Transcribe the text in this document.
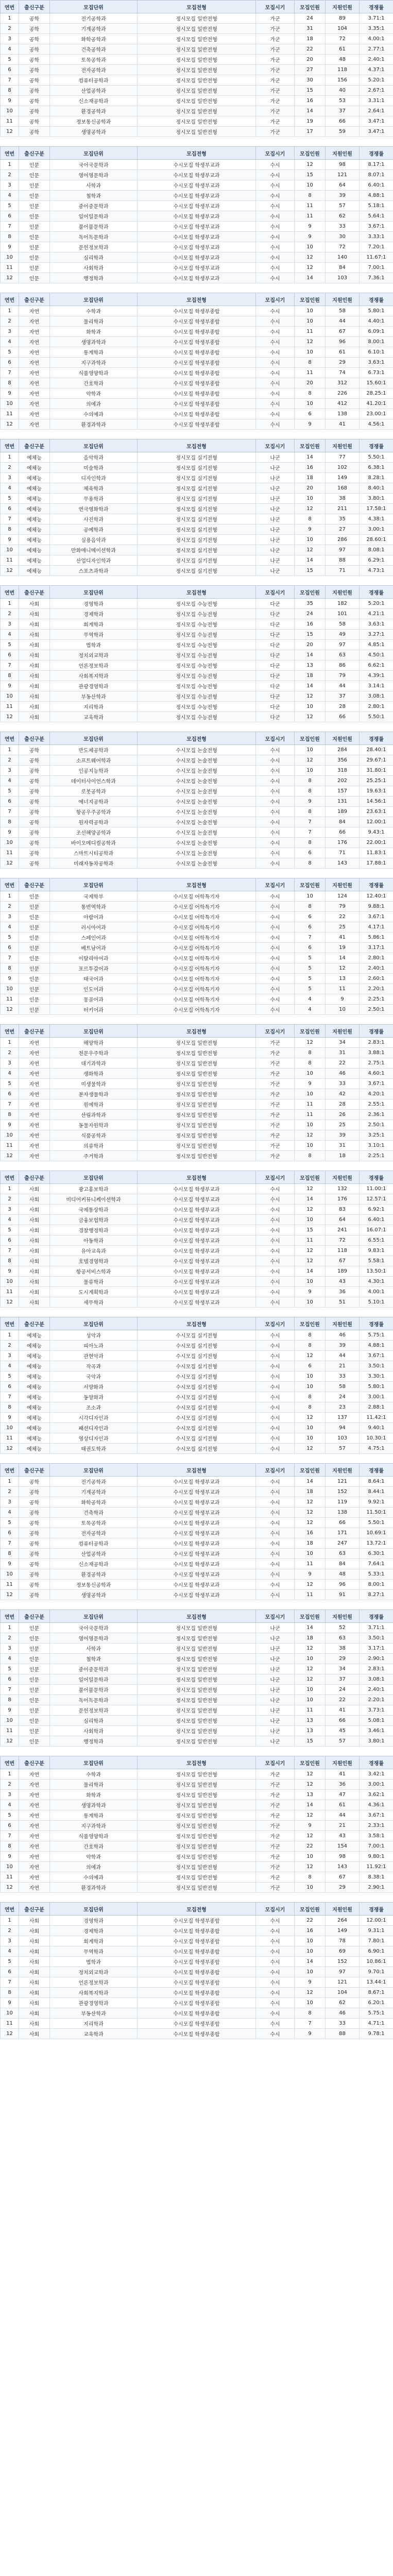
연번	출신구분	모집단위	모집전형	모집시기	모집인원	지원인원	경쟁률
1	공학	전기공학과	정시모집 일반전형	가군	24	89	3.71:1
2	공학	기계공학과	정시모집 일반전형	가군	31	104	3.35:1
3	공학	화학공학과	정시모집 일반전형	가군	18	72	4.00:1
4	공학	건축공학과	정시모집 일반전형	가군	22	61	2.77:1
5	공학	토목공학과	정시모집 일반전형	가군	20	48	2.40:1
6	공학	전자공학과	정시모집 일반전형	가군	27	118	4.37:1
7	공학	컴퓨터공학과	정시모집 일반전형	가군	30	156	5.20:1
8	공학	산업공학과	정시모집 일반전형	가군	15	40	2.67:1
9	공학	신소재공학과	정시모집 일반전형	가군	16	53	3.31:1
10	공학	환경공학과	정시모집 일반전형	가군	14	37	2.64:1
11	공학	정보통신공학과	정시모집 일반전형	가군	19	66	3.47:1
12	공학	생명공학과	정시모집 일반전형	가군	17	59	3.47:1
연번	출신구분	모집단위	모집전형	모집시기	모집인원	지원인원	경쟁률
1	인문	국어국문학과	수시모집 학생부교과	수시	12	98	8.17:1
2	인문	영어영문학과	수시모집 학생부교과	수시	15	121	8.07:1
3	인문	사학과	수시모집 학생부교과	수시	10	64	6.40:1
4	인문	철학과	수시모집 학생부교과	수시	8	39	4.88:1
5	인문	중어중문학과	수시모집 학생부교과	수시	11	57	5.18:1
6	인문	일어일문학과	수시모집 학생부교과	수시	11	62	5.64:1
7	인문	불어불문학과	수시모집 학생부교과	수시	9	33	3.67:1
8	인문	독어독문학과	수시모집 학생부교과	수시	9	30	3.33:1
9	인문	문헌정보학과	수시모집 학생부교과	수시	10	72	7.20:1
10	인문	심리학과	수시모집 학생부교과	수시	12	140	11.67:1
11	인문	사회학과	수시모집 학생부교과	수시	12	84	7.00:1
12	인문	행정학과	수시모집 학생부교과	수시	14	103	7.36:1
연번	출신구분	모집단위	모집전형	모집시기	모집인원	지원인원	경쟁률
1	자연	수학과	수시모집 학생부종합	수시	10	58	5.80:1
2	자연	물리학과	수시모집 학생부종합	수시	10	44	4.40:1
3	자연	화학과	수시모집 학생부종합	수시	11	67	6.09:1
4	자연	생명과학과	수시모집 학생부종합	수시	12	96	8.00:1
5	자연	통계학과	수시모집 학생부종합	수시	10	61	6.10:1
6	자연	지구과학과	수시모집 학생부종합	수시	8	29	3.63:1
7	자연	식품영양학과	수시모집 학생부종합	수시	11	74	6.73:1
8	자연	간호학과	수시모집 학생부종합	수시	20	312	15.60:1
9	자연	약학과	수시모집 학생부종합	수시	8	226	28.25:1
10	자연	의예과	수시모집 학생부종합	수시	10	412	41.20:1
11	자연	수의예과	수시모집 학생부종합	수시	6	138	23.00:1
12	자연	환경과학과	수시모집 학생부종합	수시	9	41	4.56:1
연번	출신구분	모집단위	모집전형	모집시기	모집인원	지원인원	경쟁률
1	예체능	음악학과	정시모집 실기전형	나군	14	77	5.50:1
2	예체능	미술학과	정시모집 실기전형	나군	16	102	6.38:1
3	예체능	디자인학과	정시모집 실기전형	나군	18	149	8.28:1
4	예체능	체육학과	정시모집 실기전형	나군	20	168	8.40:1
5	예체능	무용학과	정시모집 실기전형	나군	10	38	3.80:1
6	예체능	연극영화학과	정시모집 실기전형	나군	12	211	17.58:1
7	예체능	사진학과	정시모집 실기전형	나군	8	35	4.38:1
8	예체능	공예학과	정시모집 실기전형	나군	9	27	3.00:1
9	예체능	실용음악과	정시모집 실기전형	나군	10	286	28.60:1
10	예체능	만화애니메이션학과	정시모집 실기전형	나군	12	97	8.08:1
11	예체능	산업디자인학과	정시모집 실기전형	나군	14	88	6.29:1
12	예체능	스포츠과학과	정시모집 실기전형	나군	15	71	4.73:1
연번	출신구분	모집단위	모집전형	모집시기	모집인원	지원인원	경쟁률
1	사회	경영학과	정시모집 수능전형	다군	35	182	5.20:1
2	사회	경제학과	정시모집 수능전형	다군	24	101	4.21:1
3	사회	회계학과	정시모집 수능전형	다군	16	58	3.63:1
4	사회	무역학과	정시모집 수능전형	다군	15	49	3.27:1
5	사회	법학과	정시모집 수능전형	다군	20	97	4.85:1
6	사회	정치외교학과	정시모집 수능전형	다군	14	63	4.50:1
7	사회	언론정보학과	정시모집 수능전형	다군	13	86	6.62:1
8	사회	사회복지학과	정시모집 수능전형	다군	18	79	4.39:1
9	사회	관광경영학과	정시모집 수능전형	다군	14	44	3.14:1
10	사회	부동산학과	정시모집 수능전형	다군	12	37	3.08:1
11	사회	지리학과	정시모집 수능전형	다군	10	28	2.80:1
12	사회	교육학과	정시모집 수능전형	다군	12	66	5.50:1
연번	출신구분	모집단위	모집전형	모집시기	모집인원	지원인원	경쟁률
1	공학	반도체공학과	수시모집 논술전형	수시	10	284	28.40:1
2	공학	소프트웨어학과	수시모집 논술전형	수시	12	356	29.67:1
3	공학	인공지능학과	수시모집 논술전형	수시	10	318	31.80:1
4	공학	데이터사이언스학과	수시모집 논술전형	수시	8	202	25.25:1
5	공학	로봇공학과	수시모집 논술전형	수시	8	157	19.63:1
6	공학	에너지공학과	수시모집 논술전형	수시	9	131	14.56:1
7	공학	항공우주공학과	수시모집 논술전형	수시	8	189	23.63:1
8	공학	원자력공학과	수시모집 논술전형	수시	7	84	12.00:1
9	공학	조선해양공학과	수시모집 논술전형	수시	7	66	9.43:1
10	공학	바이오메디컬공학과	수시모집 논술전형	수시	8	176	22.00:1
11	공학	스마트시티공학과	수시모집 논술전형	수시	6	71	11.83:1
12	공학	미래자동차공학과	수시모집 논술전형	수시	8	143	17.88:1
연번	출신구분	모집단위	모집전형	모집시기	모집인원	지원인원	경쟁률
1	인문	국제학부	수시모집 어학특기자	수시	10	124	12.40:1
2	인문	통번역학과	수시모집 어학특기자	수시	8	79	9.88:1
3	인문	아랍어과	수시모집 어학특기자	수시	6	22	3.67:1
4	인문	러시아어과	수시모집 어학특기자	수시	6	25	4.17:1
5	인문	스페인어과	수시모집 어학특기자	수시	7	41	5.86:1
6	인문	베트남어과	수시모집 어학특기자	수시	6	19	3.17:1
7	인문	이탈리아어과	수시모집 어학특기자	수시	5	14	2.80:1
8	인문	포르투갈어과	수시모집 어학특기자	수시	5	12	2.40:1
9	인문	태국어과	수시모집 어학특기자	수시	5	13	2.60:1
10	인문	인도어과	수시모집 어학특기자	수시	5	11	2.20:1
11	인문	몽골어과	수시모집 어학특기자	수시	4	9	2.25:1
12	인문	터키어과	수시모집 어학특기자	수시	4	10	2.50:1
연번	출신구분	모집단위	모집전형	모집시기	모집인원	지원인원	경쟁률
1	자연	해양학과	정시모집 일반전형	가군	12	34	2.83:1
2	자연	천문우주학과	정시모집 일반전형	가군	8	31	3.88:1
3	자연	대기과학과	정시모집 일반전형	가군	8	22	2.75:1
4	자연	생화학과	정시모집 일반전형	가군	10	46	4.60:1
5	자연	미생물학과	정시모집 일반전형	가군	9	33	3.67:1
6	자연	분자생물학과	정시모집 일반전형	가군	10	42	4.20:1
7	자연	원예학과	정시모집 일반전형	가군	11	28	2.55:1
8	자연	산림과학과	정시모집 일반전형	가군	11	26	2.36:1
9	자연	동물자원학과	정시모집 일반전형	가군	10	25	2.50:1
10	자연	식품공학과	정시모집 일반전형	가군	12	39	3.25:1
11	자연	의류학과	정시모집 일반전형	가군	10	31	3.10:1
12	자연	주거학과	정시모집 일반전형	가군	8	18	2.25:1
연번	출신구분	모집단위	모집전형	모집시기	모집인원	지원인원	경쟁률
1	사회	광고홍보학과	수시모집 학생부교과	수시	12	132	11.00:1
2	사회	미디어커뮤니케이션학과	수시모집 학생부교과	수시	14	176	12.57:1
3	사회	국제통상학과	수시모집 학생부교과	수시	12	83	6.92:1
4	사회	금융보험학과	수시모집 학생부교과	수시	10	64	6.40:1
5	사회	경찰행정학과	수시모집 학생부교과	수시	15	241	16.07:1
6	사회	아동학과	수시모집 학생부교과	수시	11	72	6.55:1
7	사회	유아교육과	수시모집 학생부교과	수시	12	118	9.83:1
8	사회	호텔경영학과	수시모집 학생부교과	수시	12	67	5.58:1
9	사회	항공서비스학과	수시모집 학생부교과	수시	14	189	13.50:1
10	사회	물류학과	수시모집 학생부교과	수시	10	43	4.30:1
11	사회	도시계획학과	수시모집 학생부교과	수시	9	36	4.00:1
12	사회	세무학과	수시모집 학생부교과	수시	10	51	5.10:1
연번	출신구분	모집단위	모집전형	모집시기	모집인원	지원인원	경쟁률
1	예체능	성악과	수시모집 실기전형	수시	8	46	5.75:1
2	예체능	피아노과	수시모집 실기전형	수시	8	39	4.88:1
3	예체능	관현악과	수시모집 실기전형	수시	12	44	3.67:1
4	예체능	작곡과	수시모집 실기전형	수시	6	21	3.50:1
5	예체능	국악과	수시모집 실기전형	수시	10	33	3.30:1
6	예체능	서양화과	수시모집 실기전형	수시	10	58	5.80:1
7	예체능	동양화과	수시모집 실기전형	수시	8	24	3.00:1
8	예체능	조소과	수시모집 실기전형	수시	8	23	2.88:1
9	예체능	시각디자인과	수시모집 실기전형	수시	12	137	11.42:1
10	예체능	패션디자인과	수시모집 실기전형	수시	10	94	9.40:1
11	예체능	영상디자인과	수시모집 실기전형	수시	10	103	10.30:1
12	예체능	태권도학과	수시모집 실기전형	수시	12	57	4.75:1
연번	출신구분	모집단위	모집전형	모집시기	모집인원	지원인원	경쟁률
1	공학	전기공학과	수시모집 학생부교과	수시	14	121	8.64:1
2	공학	기계공학과	수시모집 학생부교과	수시	18	152	8.44:1
3	공학	화학공학과	수시모집 학생부교과	수시	12	119	9.92:1
4	공학	건축학과	수시모집 학생부교과	수시	12	138	11.50:1
5	공학	토목공학과	수시모집 학생부교과	수시	12	66	5.50:1
6	공학	전자공학과	수시모집 학생부교과	수시	16	171	10.69:1
7	공학	컴퓨터공학과	수시모집 학생부교과	수시	18	247	13.72:1
8	공학	산업공학과	수시모집 학생부교과	수시	10	63	6.30:1
9	공학	신소재공학과	수시모집 학생부교과	수시	11	84	7.64:1
10	공학	환경공학과	수시모집 학생부교과	수시	9	48	5.33:1
11	공학	정보통신공학과	수시모집 학생부교과	수시	12	96	8.00:1
12	공학	생명공학과	수시모집 학생부교과	수시	11	91	8.27:1
연번	출신구분	모집단위	모집전형	모집시기	모집인원	지원인원	경쟁률
1	인문	국어국문학과	정시모집 일반전형	나군	14	52	3.71:1
2	인문	영어영문학과	정시모집 일반전형	나군	18	63	3.50:1
3	인문	사학과	정시모집 일반전형	나군	12	38	3.17:1
4	인문	철학과	정시모집 일반전형	나군	10	29	2.90:1
5	인문	중어중문학과	정시모집 일반전형	나군	12	34	2.83:1
6	인문	일어일문학과	정시모집 일반전형	나군	12	37	3.08:1
7	인문	불어불문학과	정시모집 일반전형	나군	10	24	2.40:1
8	인문	독어독문학과	정시모집 일반전형	나군	10	22	2.20:1
9	인문	문헌정보학과	정시모집 일반전형	나군	11	41	3.73:1
10	인문	심리학과	정시모집 일반전형	나군	13	66	5.08:1
11	인문	사회학과	정시모집 일반전형	나군	13	45	3.46:1
12	인문	행정학과	정시모집 일반전형	나군	15	57	3.80:1
연번	출신구분	모집단위	모집전형	모집시기	모집인원	지원인원	경쟁률
1	자연	수학과	정시모집 일반전형	가군	12	41	3.42:1
2	자연	물리학과	정시모집 일반전형	가군	12	36	3.00:1
3	자연	화학과	정시모집 일반전형	가군	13	47	3.62:1
4	자연	생명과학과	정시모집 일반전형	가군	14	61	4.36:1
5	자연	통계학과	정시모집 일반전형	가군	12	44	3.67:1
6	자연	지구과학과	정시모집 일반전형	가군	9	21	2.33:1
7	자연	식품영양학과	정시모집 일반전형	가군	12	43	3.58:1
8	자연	간호학과	정시모집 일반전형	가군	22	154	7.00:1
9	자연	약학과	정시모집 일반전형	가군	10	98	9.80:1
10	자연	의예과	정시모집 일반전형	가군	12	143	11.92:1
11	자연	수의예과	정시모집 일반전형	가군	8	67	8.38:1
12	자연	환경과학과	정시모집 일반전형	가군	10	29	2.90:1
연번	출신구분	모집단위	모집전형	모집시기	모집인원	지원인원	경쟁률
1	사회	경영학과	수시모집 학생부종합	수시	22	264	12.00:1
2	사회	경제학과	수시모집 학생부종합	수시	16	149	9.31:1
3	사회	회계학과	수시모집 학생부종합	수시	10	78	7.80:1
4	사회	무역학과	수시모집 학생부종합	수시	10	69	6.90:1
5	사회	법학과	수시모집 학생부종합	수시	14	152	10.86:1
6	사회	정치외교학과	수시모집 학생부종합	수시	10	97	9.70:1
7	사회	언론정보학과	수시모집 학생부종합	수시	9	121	13.44:1
8	사회	사회복지학과	수시모집 학생부종합	수시	12	104	8.67:1
9	사회	관광경영학과	수시모집 학생부종합	수시	10	62	6.20:1
10	사회	부동산학과	수시모집 학생부종합	수시	8	46	5.75:1
11	사회	지리학과	수시모집 학생부종합	수시	7	33	4.71:1
12	사회	교육학과	수시모집 학생부종합	수시	9	88	9.78:1
